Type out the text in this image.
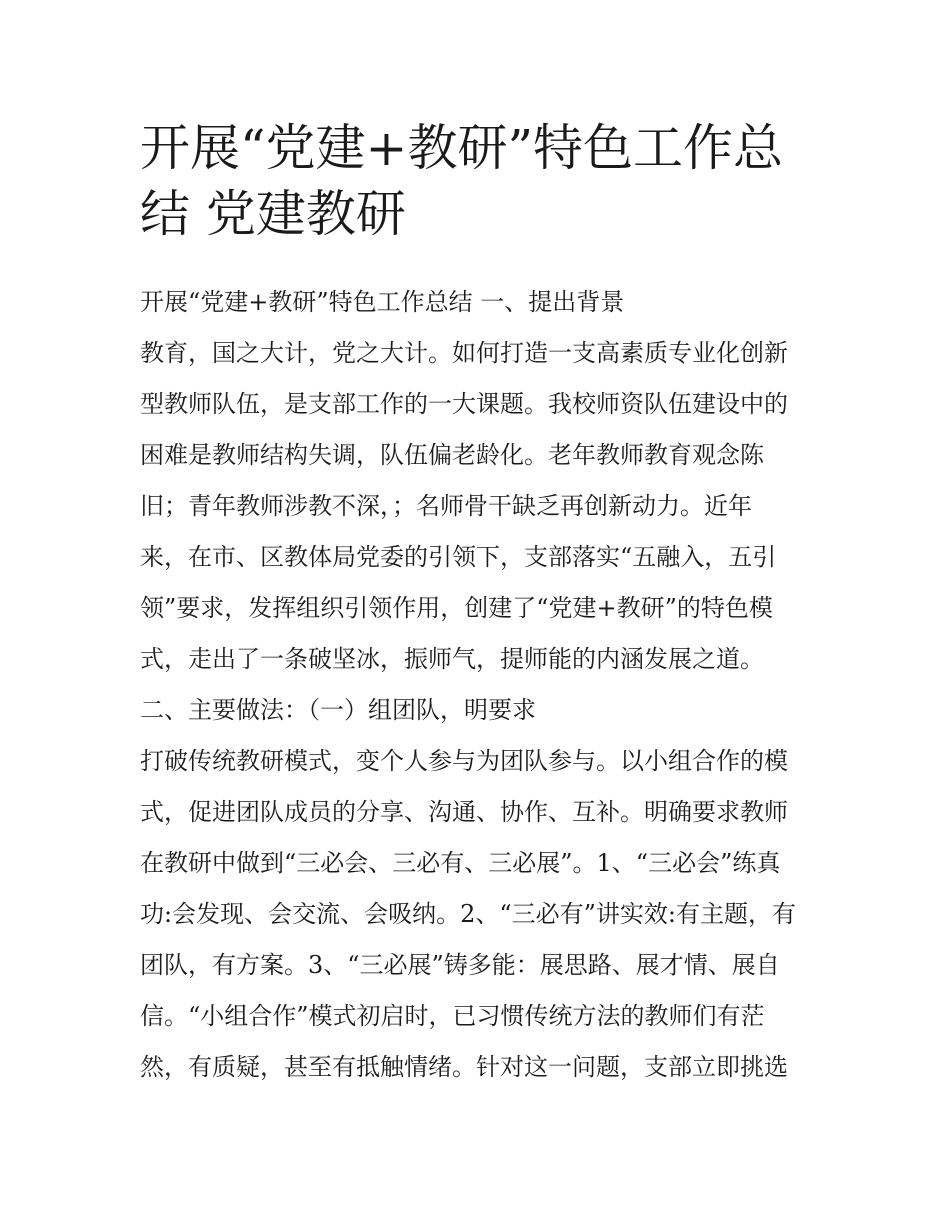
开展“党建+教研”特色工作总
结 党建教研
开展“党建+教研”特色工作总结 一、提出背景
教育，国之大计，党之大计。如何打造一支高素质专业化创新
型教师队伍，是支部工作的一大课题。我校师资队伍建设中的
困难是教师结构失调，队伍偏老龄化。老年教师教育观念陈
旧；青年教师涉教不深，；名师骨干缺乏再创新动力。近年
来，在市、区教体局党委的引领下，支部落实“五融入，五引
领”要求，发挥组织引领作用，创建了“党建+教研”的特色模
式，走出了一条破坚冰，振师气，提师能的内涵发展之道。
二、主要做法：（一）组团队，明要求
打破传统教研模式，变个人参与为团队参与。以小组合作的模
式，促进团队成员的分享、沟通、协作、互补。明确要求教师
在教研中做到“三必会、三必有、三必展”。1、“三必会”练真
功:会发现、会交流、会吸纳。2、“三必有”讲实效:有主题，有
团队，有方案。3、“三必展”铸多能：展思路、展才情、展自
信。“小组合作”模式初启时，已习惯传统方法的教师们有茫
然，有质疑，甚至有抵触情绪。针对这一问题，支部立即挑选
